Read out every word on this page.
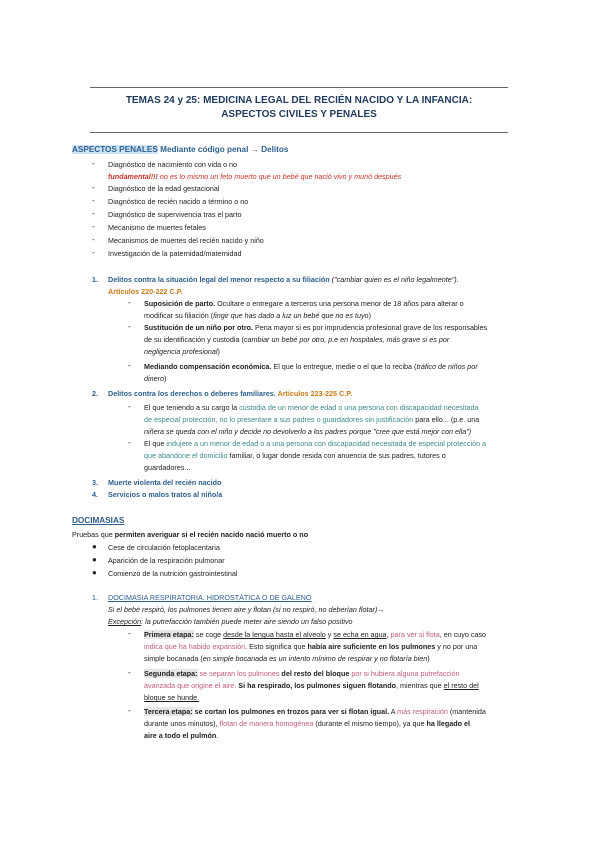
TEMAS 24 y 25: MEDICINA LEGAL DEL RECIÉN NACIDO Y LA INFANCIA:
ASPECTOS CIVILES Y PENALES
ASPECTOS PENALES Mediante código penal → Delitos
- Diagnóstico de nacimiento con vida o no
fundamental!!! no es lo mismo un feto muerto que un bebé que nació vivo y murió después
- Diagnóstico de la edad gestacional
- Diagnóstico de recién nacido a término o no
- Diagnóstico de supervivencia tras el parto
- Mecanismo de muertes fetales
- Mecanismos de muertes del recién nacido y niño
- Investigación de la paternidad/maternidad
1. Delitos contra la situación legal del menor respecto a su filiación ("cambiar quien es el niño legalmente").
Artículos 220-222 C.P.
- Suposición de parto. Ocultare o entregare a terceros una persona menor de 18 años para alterar o
modificar su filiación (fingir que has dado a luz un bebé que no es tuyo)
- Sustitución de un niño por otro. Pena mayor si es por imprudencia profesional grave de los responsables
de su identificación y custodia (cambiar un bebé por otro, p.e en hospitales, más grave si es por
negligencia profesional)
- Mediando compensación económica. El que lo entregue, medie o el que lo reciba (tráfico de niños por
dinero)
2. Delitos contra los derechos o deberes familiares. Artículos 223-225 C.P.
- El que teniendo a su cargo la custodia de un menor de edad o una persona con discapacidad necesitada
de especial protección, no lo presentare a sus padres o guardadores sin justificación para ello... (p.e. una
niñera se queda con el niño y decide no devolverlo a los padres porque "cree que está mejor con ella")
- El que indujere a un menor de edad o a una persona con discapacidad necesitada de especial protección a
que abandone el domicilio familiar, o lugar donde resida con anuencia de sus padres, tutores o
guardadores...
3. Muerte violenta del recién nacido
4. Servicios o malos tratos al niño/a
DOCIMASIAS
Pruebas que permiten averiguar si el recién nacido nació muerto o no
● Cese de circulación fetoplacentaria
● Aparición de la respiración pulmonar
● Comienzo de la nutrición gastrointestinal
1. DOCIMASIA RESPIRATORIA. HIDROSTÁTICA O DE GALENO
Si el bebé respiró, los pulmones tienen aire y flotan (si no respiró, no deberían flotar)→
Excepción: la putrefacción también puede meter aire siendo un falso positivo
- Primera etapa: se coge desde la lengua hasta el alveolo y se echa en agua, para ver si flota, en cuyo caso
indica que ha habido expansión. Esto significa que había aire suficiente en los pulmones y no por una
simple bocanada (en simple bocanada es un intento mínimo de respirar y no flotaría bien)
- Segunda etapa: se separan los pulmones del resto del bloque por si hubiera alguna putrefacción
avanzada que origine el aire. Si ha respirado, los pulmones siguen flotando, mientras que el resto del
bloque se hunde.
- Tercera etapa: se cortan los pulmones en trozos para ver si flotan igual. A más respiración (mantenida
durante unos minutos), flotan de manera homogénea (durante el mismo tiempo), ya que ha llegado el
aire a todo el pulmón.
